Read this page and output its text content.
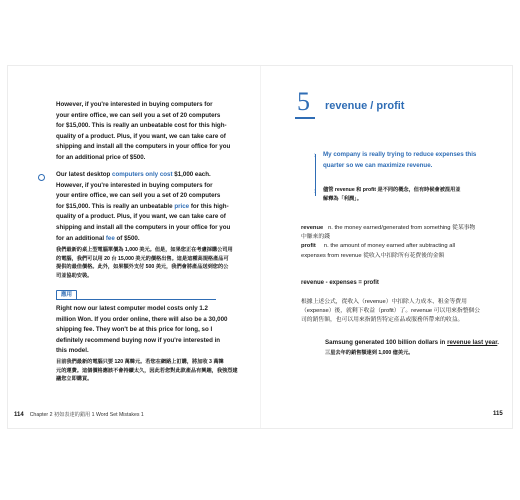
However, if you're interested in buying computers for
your entire office, we can sell you a set of 20 computers
for $15,000. This is really an unbeatable cost for this high-
quality of a product. Plus, if you want, we can take care of
shipping and install all the computers in your office for you
for an additional price of $500.
Our latest desktop computers only cost $1,000 each.
However, if you're interested in buying computers for
your entire office, we can sell you a set of 20 computers
for $15,000. This is really an unbeatable price for this high-
quality of a product. Plus, if you want, we can take care of
shipping and install all the computers in your office for you
for an additional fee of $500.
我們最新的桌上型電腦單價為 1,000 美元。但是，如果您正在考慮採購公司用
的電腦，我們可以用 20 台 15,000 美元的價格出售。這是這種高規格產品可
提供的最佳價格。此外，如果額外支付 500 美元，我們會將產品送到您的公
司並協助安裝。
應用
Right now our latest computer model costs only 1.2
million Won. If you order online, there will also be a 30,000
shipping fee. They won't be at this price for long, so I
definitely recommend buying now if you're interested in
this model.
目前我們最新的電腦只要 120 萬韓元。若您在網路上訂購，將加收 3 萬韓
元的運費。這個價格應該不會持續太久，因此若您對此款產品有興趣，我強烈建
議您立即購買。
114 Chapter 2 初如表達的錯用 1 Word Set Mistakes 1
5 revenue / profit
› My company is really trying to reduce expenses this
quarter so we can maximize revenue.
› 儘管 revenue 和 profit 是不同的概念，但有時候會被混用並
解釋為「利潤」。
revenue n. the money earned/generated from something 從某事物
中賺來的錢
profit n. the amount of money earned after subtracting all
expenses from revenue 從收入中扣除所有花費後的金額
revenue - expenses = profit
根據上述公式，從收入（revenue）中扣除人力成本、租金等費用
（expense）後，就剩下收益（profit）了。revenue 可以用來指整個公
司的銷售額，也可以用來指銷售特定產品或服務所帶來的收益。
Samsung generated 100 billion dollars in revenue last year.
三星去年的銷售額達到 1,000 億美元。
115
